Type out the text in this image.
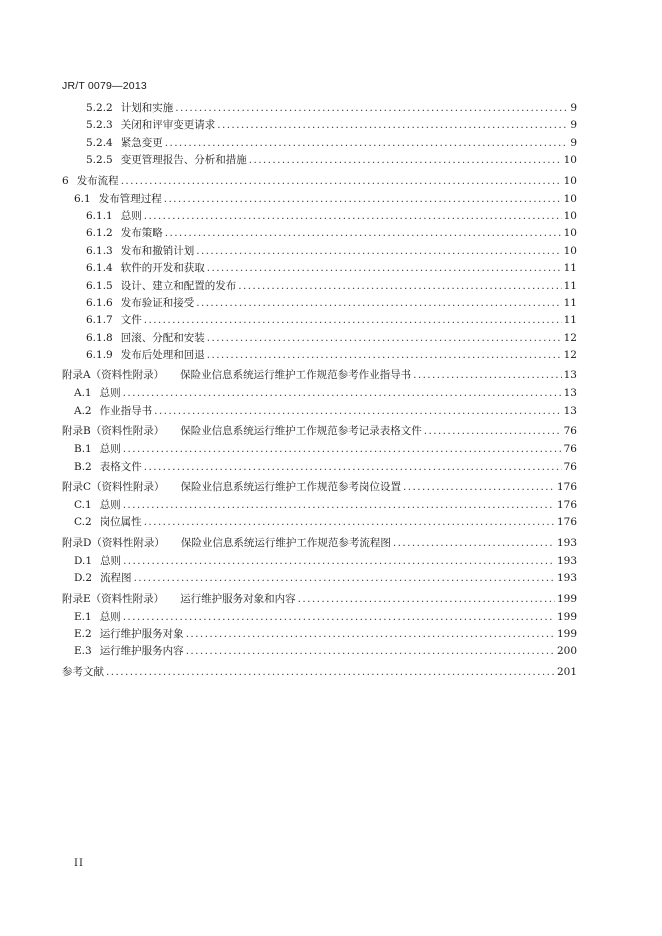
JR/T 0079—2013
5.2.2 计划和实施 .....	9
5.2.3 关闭和评审变更请求 .....	9
5.2.4 紧急变更 .....	9
5.2.5 变更管理报告、分析和措施 .....	10
6 发布流程 .....	10
6.1 发布管理过程 .....	10
6.1.1 总则 .....	10
6.1.2 发布策略 .....	10
6.1.3 发布和撤销计划 .....	10
6.1.4 软件的开发和获取 .....	11
6.1.5 设计、建立和配置的发布 .....	11
6.1.6 发布验证和接受 .....	11
6.1.7 文件 .....	11
6.1.8 回滚、分配和安装 .....	12
6.1.9 发布后处理和回退 .....	12
附录A（资料性附录） 保险业信息系统运行维护工作规范参考作业指导书 .....	13
A.1 总则 .....	13
A.2 作业指导书 .....	13
附录B（资料性附录） 保险业信息系统运行维护工作规范参考记录表格文件 .....	76
B.1 总则 .....	76
B.2 表格文件 .....	76
附录C（资料性附录） 保险业信息系统运行维护工作规范参考岗位设置 .....	176
C.1 总则 .....	176
C.2 岗位属性 .....	176
附录D（资料性附录） 保险业信息系统运行维护工作规范参考流程图 .....	193
D.1 总则 .....	193
D.2 流程图 .....	193
附录E（资料性附录） 运行维护服务对象和内容 .....	199
E.1 总则 .....	199
E.2 运行维护服务对象 .....	199
E.3 运行维护服务内容 .....	200
参考文献 .....	201
II
